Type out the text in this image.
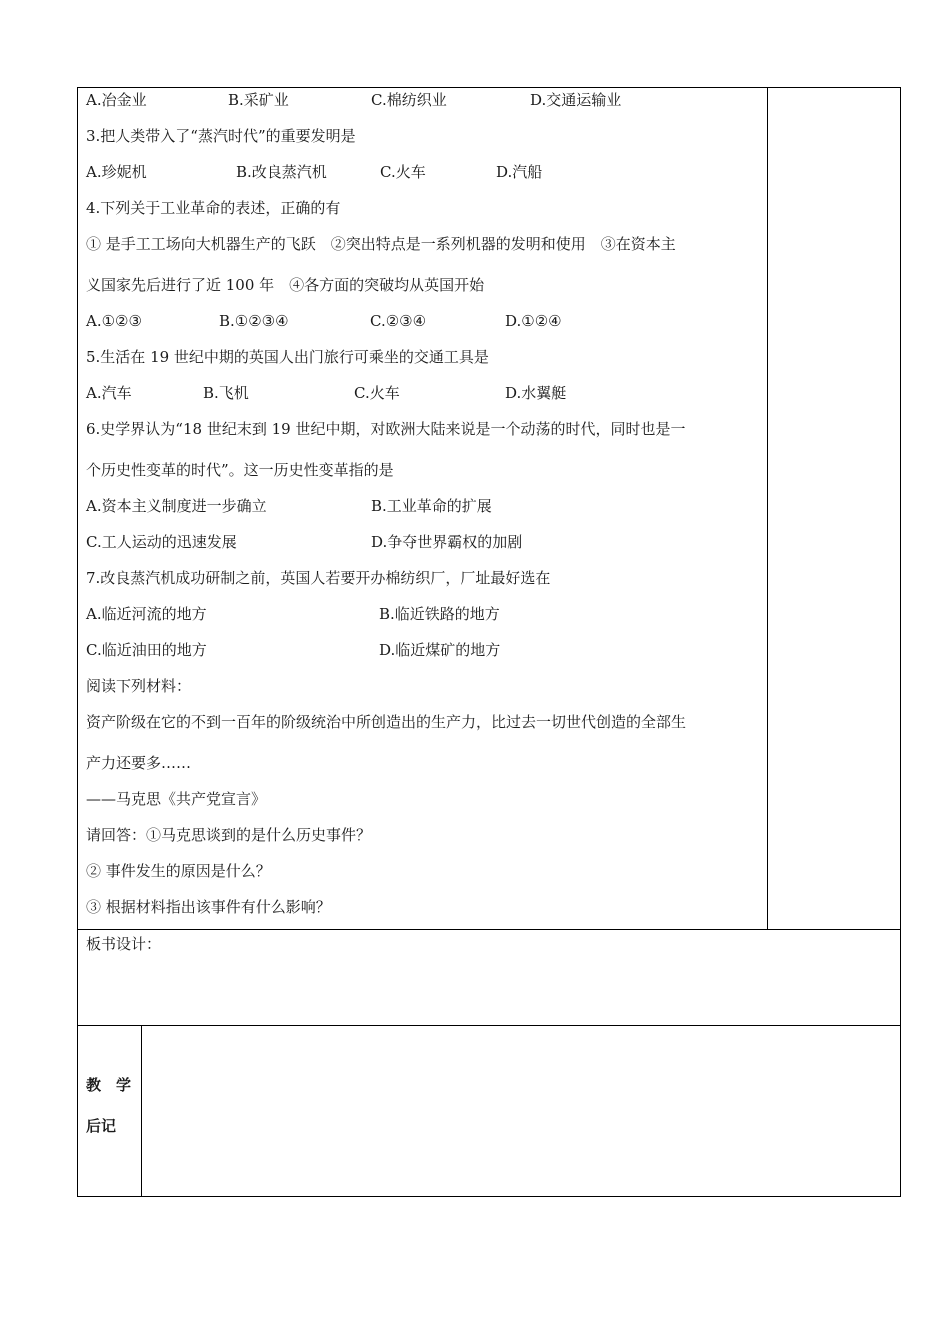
A.冶金业	B.采矿业	C.棉纺织业	D.交通运输业
3.把人类带入了“蒸汽时代”的重要发明是
A.珍妮机	B.改良蒸汽机	C.火车	D.汽船
4.下列关于工业革命的表述，正确的有
① 是手工工场向大机器生产的飞跃　②突出特点是一系列机器的发明和使用　③在资本主
义国家先后进行了近 100 年　④各方面的突破均从英国开始
A.①②③	B.①②③④	C.②③④	D.①②④
5.生活在 19 世纪中期的英国人出门旅行可乘坐的交通工具是
A.汽车	B.飞机	C.火车	D.水翼艇
6.史学界认为“18 世纪末到 19 世纪中期，对欧洲大陆来说是一个动荡的时代，同时也是一
个历史性变革的时代”。这一历史性变革指的是
A.资本主义制度进一步确立	B.工业革命的扩展
C.工人运动的迅速发展	D.争夺世界霸权的加剧
7.改良蒸汽机成功研制之前，英国人若要开办棉纺织厂，厂址最好选在
A.临近河流的地方	B.临近铁路的地方
C.临近油田的地方	D.临近煤矿的地方
阅读下列材料：
资产阶级在它的不到一百年的阶级统治中所创造出的生产力，比过去一切世代创造的全部生
产力还要多……
——马克思《共产党宣言》
请回答：①马克思谈到的是什么历史事件？
② 事件发生的原因是什么？
③ 根据材料指出该事件有什么影响？
板书设计：
教　学
后记
